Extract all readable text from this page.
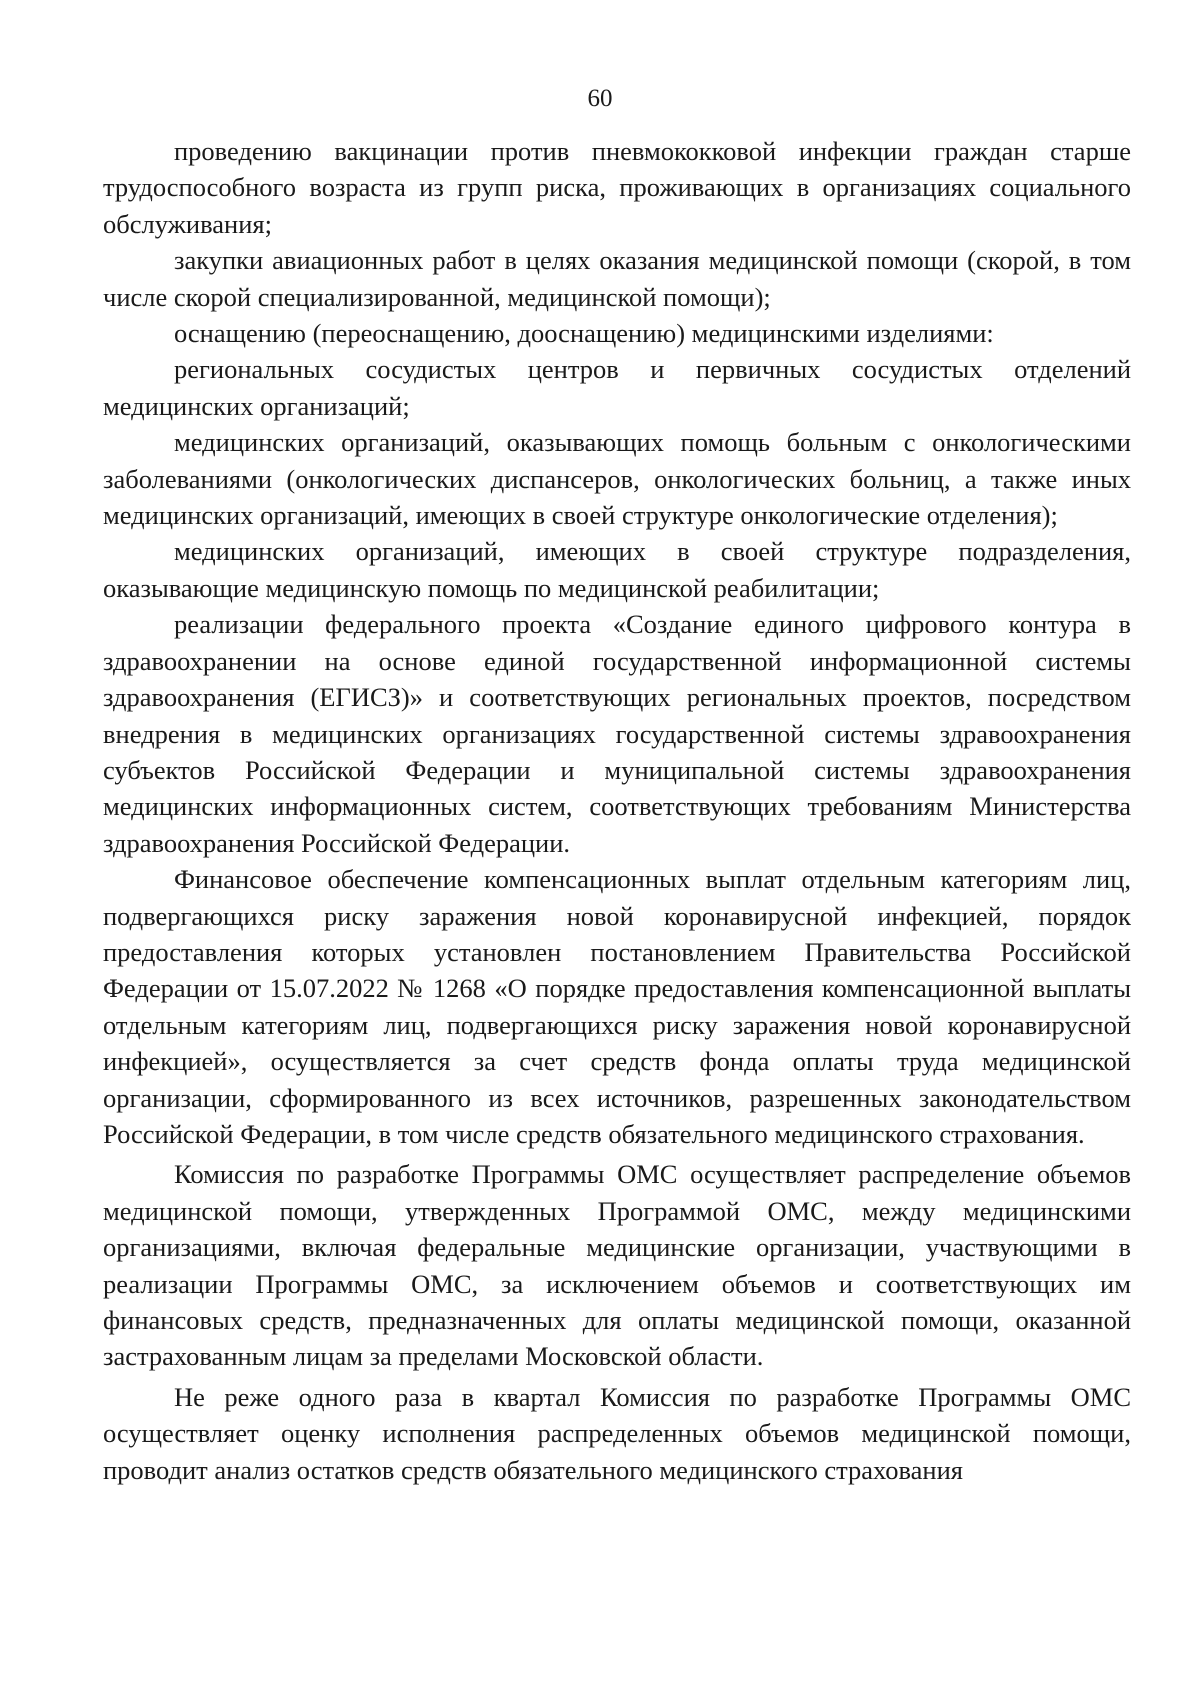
60

проведению вакцинации против пневмококковой инфекции граждан старше трудоспособного возраста из групп риска, проживающих в организациях социального обслуживания;

закупки авиационных работ в целях оказания медицинской помощи (скорой, в том числе скорой специализированной, медицинской помощи);

оснащению (переоснащению, дооснащению) медицинскими изделиями:

региональных сосудистых центров и первичных сосудистых отделений медицинских организаций;

медицинских организаций, оказывающих помощь больным с онкологическими заболеваниями (онкологических диспансеров, онкологических больниц, а также иных медицинских организаций, имеющих в своей структуре онкологические отделения);

медицинских организаций, имеющих в своей структуре подразделения, оказывающие медицинскую помощь по медицинской реабилитации;

реализации федерального проекта «Создание единого цифрового контура в здравоохранении на основе единой государственной информационной системы здравоохранения (ЕГИСЗ)» и соответствующих региональных проектов, посредством внедрения в медицинских организациях государственной системы здравоохранения субъектов Российской Федерации и муниципальной системы здравоохранения медицинских информационных систем, соответствующих требованиям Министерства здравоохранения Российской Федерации.

Финансовое обеспечение компенсационных выплат отдельным категориям лиц, подвергающихся риску заражения новой коронавирусной инфекцией, порядок предоставления которых установлен постановлением Правительства Российской Федерации от 15.07.2022 № 1268 «О порядке предоставления компенсационной выплаты отдельным категориям лиц, подвергающихся риску заражения новой коронавирусной инфекцией», осуществляется за счет средств фонда оплаты труда медицинской организации, сформированного из всех источников, разрешенных законодательством Российской Федерации, в том числе средств обязательного медицинского страхования.

Комиссия по разработке Программы ОМС осуществляет распределение объемов медицинской помощи, утвержденных Программой ОМС, между медицинскими организациями, включая федеральные медицинские организации, участвующими в реализации Программы ОМС, за исключением объемов и соответствующих им финансовых средств, предназначенных для оплаты медицинской помощи, оказанной застрахованным лицам за пределами Московской области.

Не реже одного раза в квартал Комиссия по разработке Программы ОМС осуществляет оценку исполнения распределенных объемов медицинской помощи, проводит анализ остатков средств обязательного медицинского страхования
